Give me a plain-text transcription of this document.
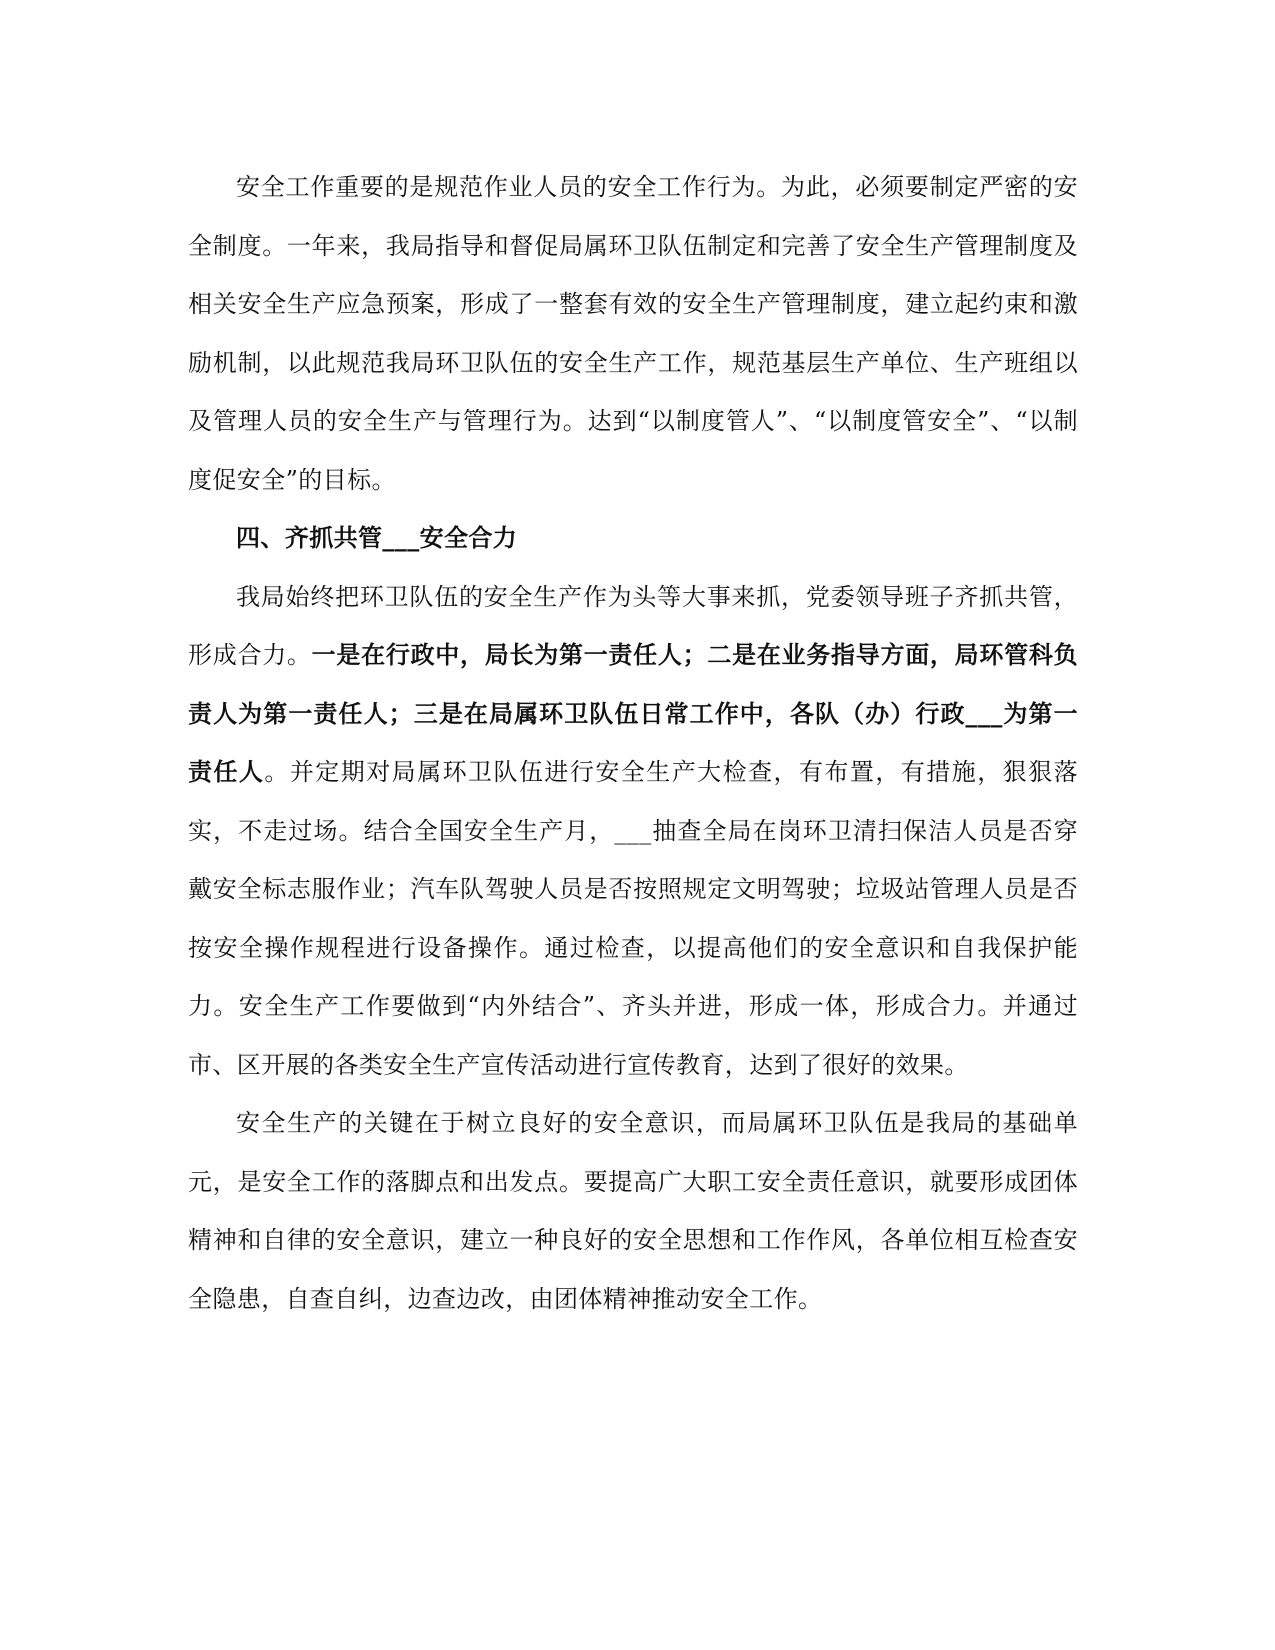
安全工作重要的是规范作业人员的安全工作行为。为此，必须要制定严密的安全制度。一年来，我局指导和督促局属环卫队伍制定和完善了安全生产管理制度及相关安全生产应急预案，形成了一整套有效的安全生产管理制度，建立起约束和激励机制，以此规范我局环卫队伍的安全生产工作，规范基层生产单位、生产班组以及管理人员的安全生产与管理行为。达到“以制度管人”、“以制度管安全”、“以制度促安全”的目标。

四、齐抓共管___安全合力

我局始终把环卫队伍的安全生产作为头等大事来抓，党委领导班子齐抓共管，形成合力。一是在行政中，局长为第一责任人；二是在业务指导方面，局环管科负责人为第一责任人；三是在局属环卫队伍日常工作中，各队（办）行政___为第一责任人。并定期对局属环卫队伍进行安全生产大检查，有布置，有措施，狠狠落实，不走过场。结合全国安全生产月，___抽查全局在岗环卫清扫保洁人员是否穿戴安全标志服作业；汽车队驾驶人员是否按照规定文明驾驶；垃圾站管理人员是否按安全操作规程进行设备操作。通过检查，以提高他们的安全意识和自我保护能力。安全生产工作要做到“内外结合”、齐头并进，形成一体，形成合力。并通过市、区开展的各类安全生产宣传活动进行宣传教育，达到了很好的效果。

安全生产的关键在于树立良好的安全意识，而局属环卫队伍是我局的基础单元，是安全工作的落脚点和出发点。要提高广大职工安全责任意识，就要形成团体精神和自律的安全意识，建立一种良好的安全思想和工作作风，各单位相互检查安全隐患，自查自纠，边查边改，由团体精神推动安全工作。
